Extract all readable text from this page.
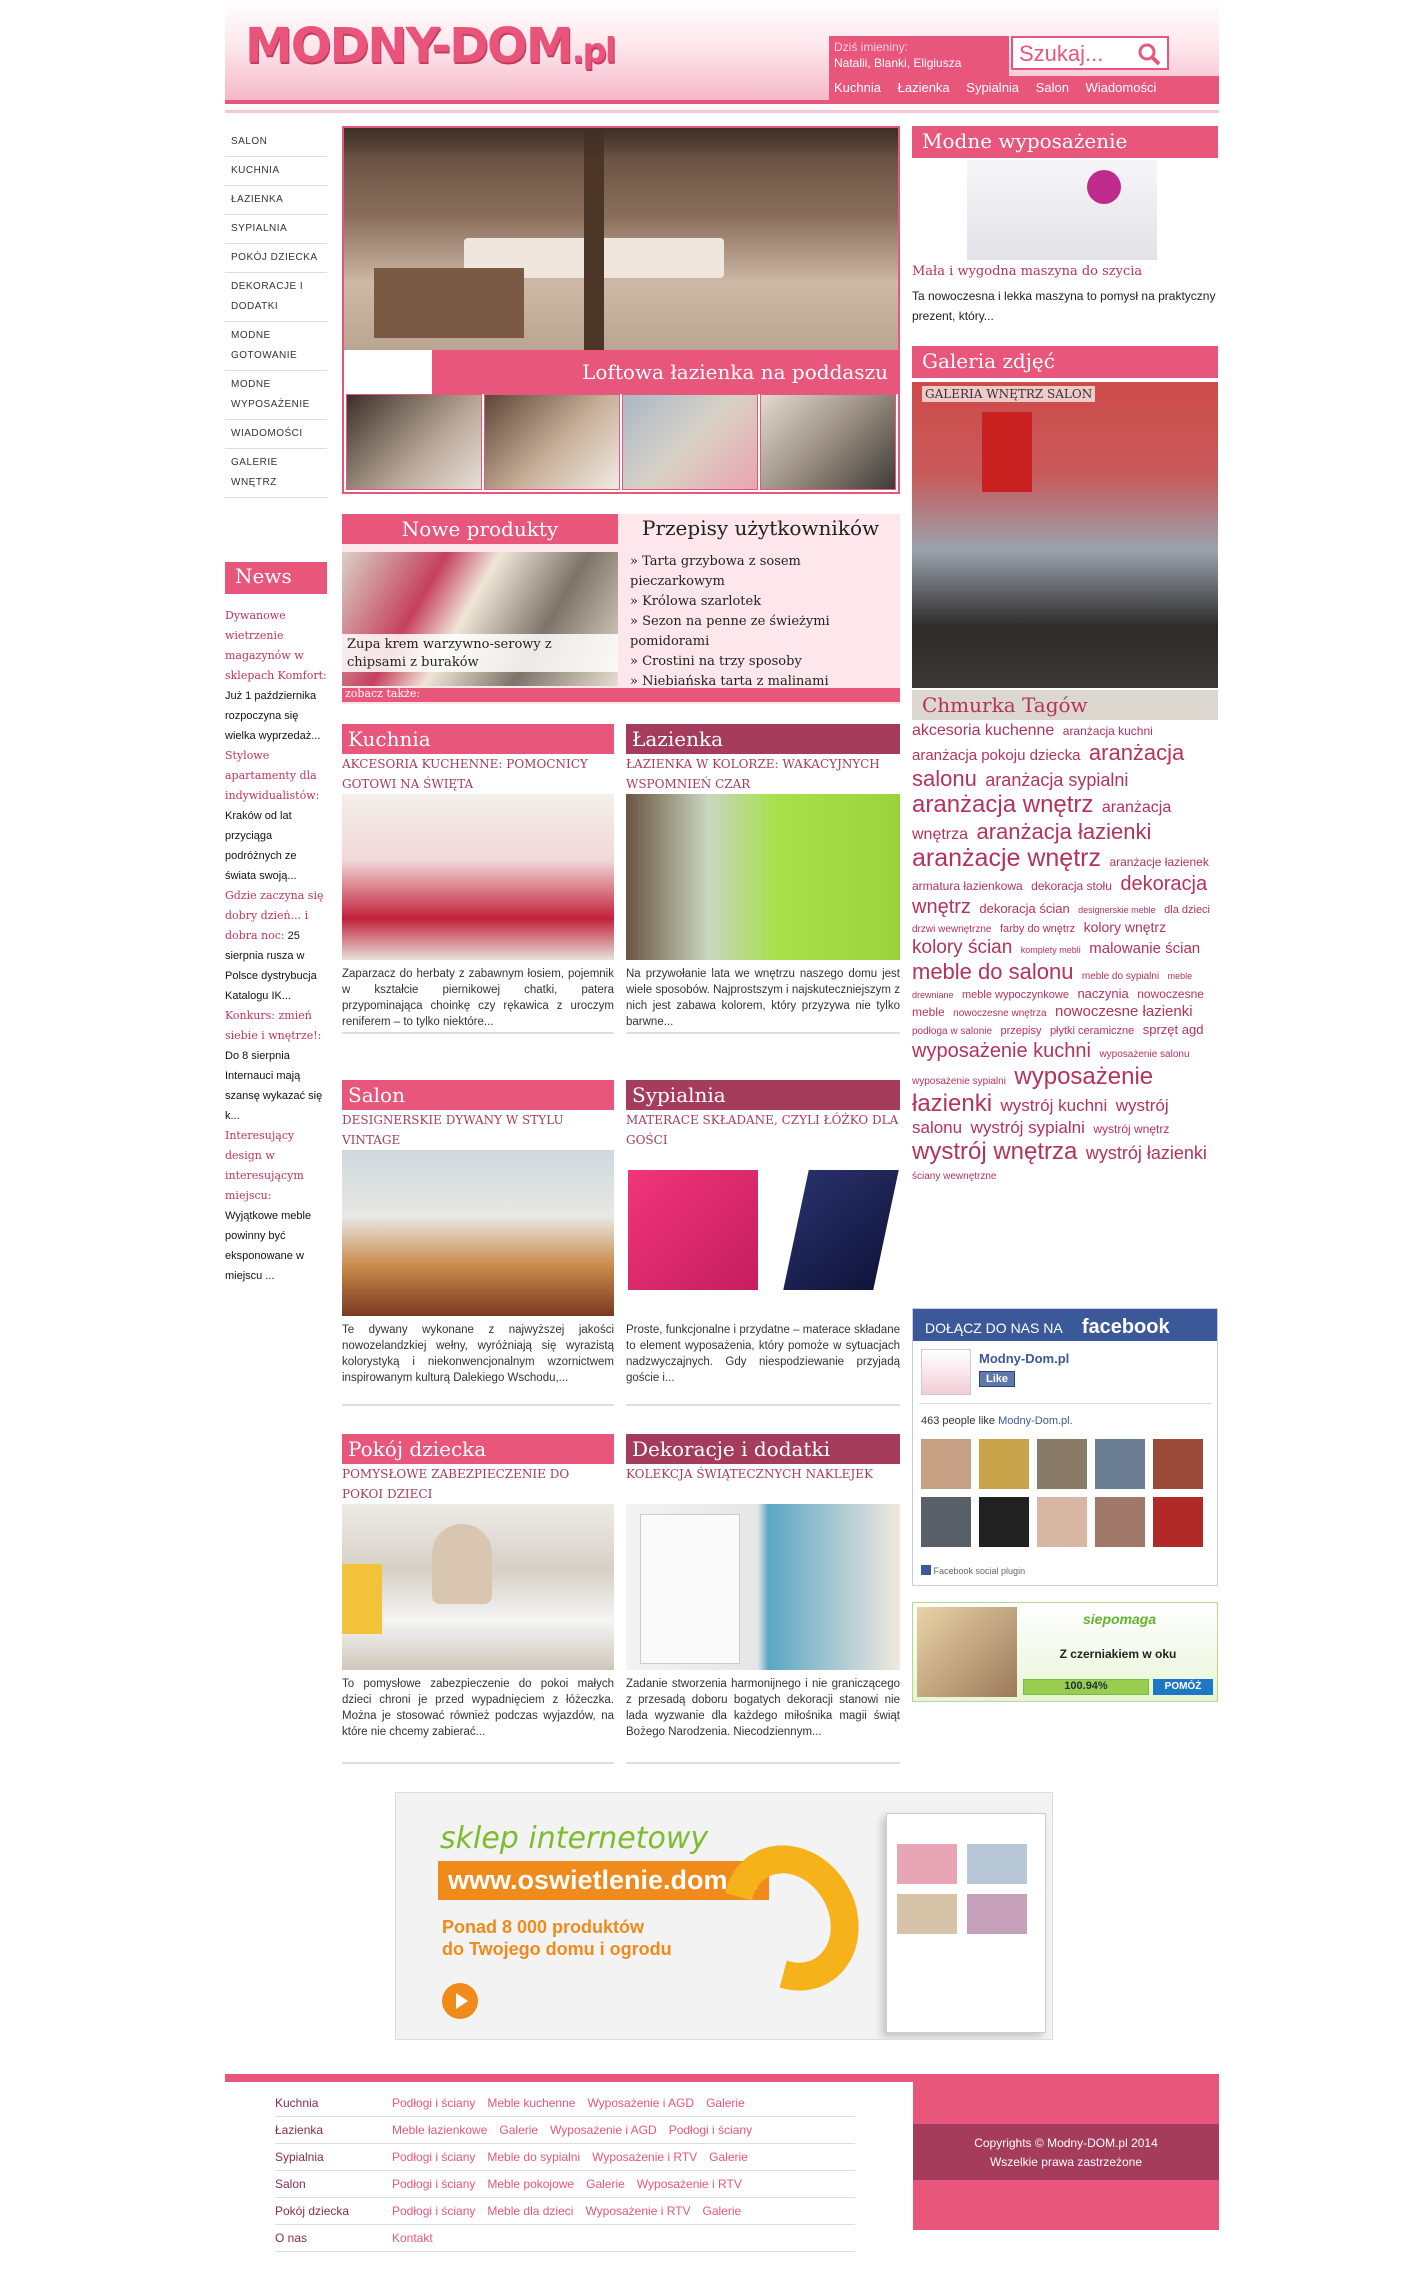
MODNY-DOM.pl	Dziś imieniny:
Natalii, Blanki, Eligiusza	Szukaj...
Kuchnia Łazienka Sypialnia Salon Wiadomości
SALON
KUCHNIA
ŁAZIENKA
SYPIALNIA
POKÓJ DZIECKA
DEKORACJE I DODATKI
MODNE GOTOWANIE
MODNE WYPOSAŻENIE
WIADOMOŚCI
GALERIE WNĘTRZ
News
Dywanowe wietrzenie magazynów w sklepach Komfort: Już 1 października rozpoczyna się wielka wyprzedaż...
Stylowe apartamenty dla indywidualistów: Kraków od lat przyciąga podróżnych ze świata swoją...
Gdzie zaczyna się dobry dzień... i dobra noc: 25 sierpnia rusza w Polsce dystrybucja Katalogu IK...
Konkurs: zmień siebie i wnętrze!: Do 8 sierpnia Internauci mają szansę wykazać się k...
Interesujący design w interesującym miejscu: Wyjątkowe meble powinny być eksponowane w miejscu ...
Loftowa łazienka na poddaszu
Nowe produkty
Zupa krem warzywno-serowy z chipsami z buraków
zobacz także:
Przepisy użytkowników
» Tarta grzybowa z sosem pieczarkowym
» Królowa szarlotek
» Sezon na penne ze świeżymi pomidorami
» Crostini na trzy sposoby
» Niebiańska tarta z malinami
Kuchnia
AKCESORIA KUCHENNE: POMOCNICY GOTOWI NA ŚWIĘTA
Zaparzacz do herbaty z zabawnym łosiem, pojemnik w kształcie piernikowej chatki, patera przypominająca choinkę czy rękawica z uroczym reniferem – to tylko niektóre...
Łazienka
ŁAZIENKA W KOLORZE: WAKACYJNYCH WSPOMNIEŃ CZAR
Na przywołanie lata we wnętrzu naszego domu jest wiele sposobów. Najprostszym i najskuteczniejszym z nich jest zabawa kolorem, który przyzywa nie tylko barwne...
Salon
DESIGNERSKIE DYWANY W STYLU VINTAGE
Te dywany wykonane z najwyższej jakości nowozelandzkiej wełny, wyróżniają się wyrazistą kolorystyką i niekonwencjonalnym wzornictwem inspirowanym kulturą Dalekiego Wschodu,...
Sypialnia
MATERACE SKŁADANE, CZYLI ŁÓŻKO DLA GOŚCI
Proste, funkcjonalne i przydatne – materace składane to element wyposażenia, który pomoże w sytuacjach nadzwyczajnych. Gdy niespodziewanie przyjadą goście i...
Pokój dziecka
POMYSŁOWE ZABEZPIECZENIE DO POKOI DZIECI
To pomysłowe zabezpieczenie do pokoi małych dzieci chroni je przed wypadnięciem z łóżeczka. Można je stosować również podczas wyjazdów, na które nie chcemy zabierać...
Dekoracje i dodatki
KOLEKCJA ŚWIĄTECZNYCH NAKLEJEK
Zadanie stworzenia harmonijnego i nie graniczącego z przesadą doboru bogatych dekoracji stanowi nie lada wyzwanie dla każdego miłośnika magii świąt Bożego Narodzenia. Niecodziennym...
Modne wyposażenie
Mała i wygodna maszyna do szycia
Ta nowoczesna i lekka maszyna to pomysł na praktyczny prezent, który...
Galeria zdjęć
GALERIA WNĘTRZ SALON
Chmurka Tagów
akcesoria kuchenne aranżacja kuchni aranżacja pokoju dziecka aranżacja salonu aranżacja sypialni aranżacja wnętrz aranżacja wnętrza aranżacja łazienki aranżacje wnętrz aranżacje łazienek armatura łazienkowa dekoracja stołu dekoracja wnętrz dekoracja ścian designerskie meble dla dzieci drzwi wewnętrzne farby do wnętrz kolory wnętrz kolory ścian komplety mebli malowanie ścian meble do salonu meble do sypialni meble drewniane meble wypoczynkowe naczynia nowoczesne meble nowoczesne wnętrza nowoczesne łazienki podłoga w salonie przepisy płytki ceramiczne sprzęt agd wyposażenie kuchni wyposażenie salonu wyposażenie sypialni wyposażenie łazienki wystrój kuchni wystrój salonu wystrój sypialni wystrój wnętrz wystrój wnętrza wystrój łazienki ściany wewnętrzne
DOŁĄCZ DO NAS NA facebook
Modny-Dom.pl
Like
463 people like Modny-Dom.pl.
Facebook social plugin
siepomaga
Z czerniakiem w oku
100.94%	POMÓŻ
sklep internetowy
www.oswietlenie.dom.pl
Ponad 8 000 produktów
do Twojego domu i ogrodu
Kuchnia	Podłogi i ściany Meble kuchenne Wyposażenie i AGD Galerie
Łazienka	Meble łazienkowe Galerie Wyposażenie i AGD Podłogi i ściany
Sypialnia	Podłogi i ściany Meble do sypialni Wyposażenie i RTV Galerie
Salon	Podłogi i ściany Meble pokojowe Galerie Wyposażenie i RTV
Pokój dziecka	Podłogi i ściany Meble dla dzieci Wyposażenie i RTV Galerie
O nas	Kontakt
Copyrights © Modny-DOM.pl 2014
Wszelkie prawa zastrzeżone
